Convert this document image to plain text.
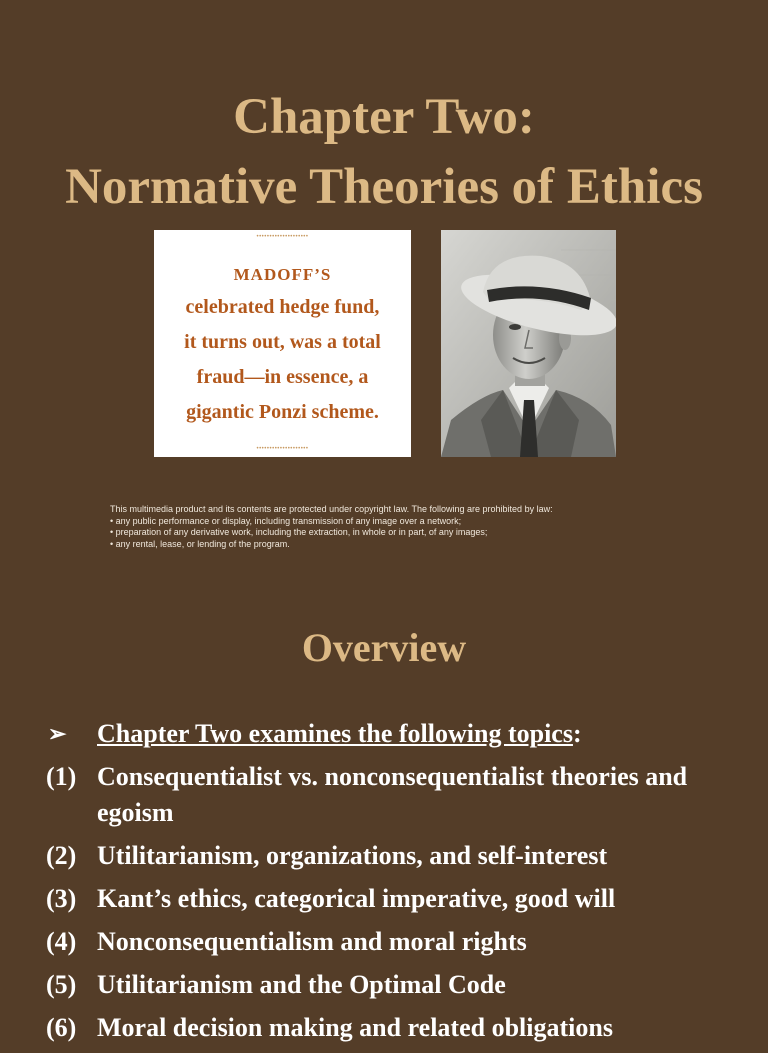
Chapter Two:
Normative Theories of Ethics
••••••••••••••••••••
MADOFF’S
celebrated hedge fund,
it turns out, was a total
fraud—in essence, a
gigantic Ponzi scheme.
••••••••••••••••••••
This multimedia product and its contents are protected under copyright law. The following are prohibited by law:
• any public performance or display, including transmission of any image over a network;
• preparation of any derivative work, including the extraction, in whole or in part, of any images;
• any rental, lease, or lending of the program.
Overview
➢ Chapter Two examines the following topics:
(1) Consequentialist vs. nonconsequentialist theories and egoism
(2) Utilitarianism, organizations, and self-interest
(3) Kant’s ethics, categorical imperative, good will
(4) Nonconsequentialism and moral rights
(5) Utilitarianism and the Optimal Code
(6) Moral decision making and related obligations
